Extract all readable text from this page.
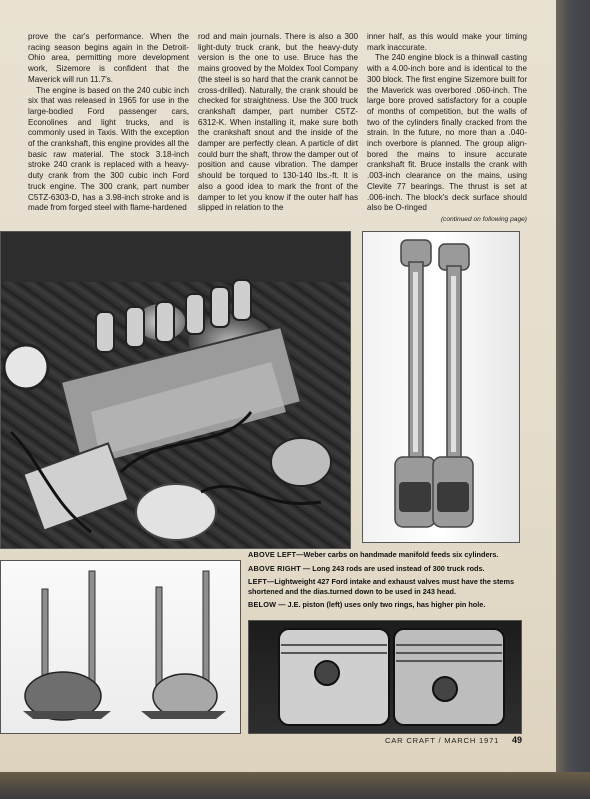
prove the car's performance. When the racing season begins again in the Detroit-Ohio area, permitting more development work, Sizemore is confident that the Maverick will run 11.7's.

The engine is based on the 240 cubic inch six that was released in 1965 for use in the large-bodied Ford passenger cars, Econolines and light trucks, and is commonly used in Taxis. With the exception of the crankshaft, this engine provides all the basic raw material. The stock 3.18-inch stroke 240 crank is replaced with a heavy-duty crank from the 300 cubic inch Ford truck engine. The 300 crank, part number C5TZ-6303-D, has a 3.98-inch stroke and is made from forged steel with flame-hardened

rod and main journals. There is also a 300 light-duty truck crank, but the heavy-duty version is the one to use. Bruce has the mains grooved by the Moldex Tool Company (the steel is so hard that the crank cannot be cross-drilled). Naturally, the crank should be checked for straightness. Use the 300 truck crankshaft damper, part number C5TZ-6312-K. When installing it, make sure both the crankshaft snout and the inside of the damper are perfectly clean. A particle of dirt could burr the shaft, throw the damper out of position and cause vibration. The damper should be torqued to 130-140 lbs.-ft. It is also a good idea to mark the front of the damper to let you know if the outer half has slipped in relation to the

inner half, as this would make your timing mark inaccurate.

The 240 engine block is a thinwall casting with a 4.00-inch bore and is identical to the 300 block. The first engine Sizemore built for the Maverick was overbored .060-inch. The large bore proved satisfactory for a couple of months of competition, but the walls of two of the cylinders finally cracked from the strain. In the future, no more than a .040-inch overbore is planned. The group align-bored the mains to insure accurate crankshaft fit. Bruce installs the crank with .003-inch clearance on the mains, using Clevite 77 bearings. The thrust is set at .006-inch. The block's deck surface should also be O-ringed

(continued on following page)
ABOVE LEFT—Weber carbs on handmade manifold feeds six cylinders.
ABOVE RIGHT — Long 243 rods are used instead of 300 truck rods.
LEFT—Lightweight 427 Ford intake and exhaust valves must have the stems shortened and the dias.turned down to be used in 243 head.
BELOW — J.E. piston (left) uses only two rings, has higher pin hole.
CAR CRAFT / MARCH 1971 49
